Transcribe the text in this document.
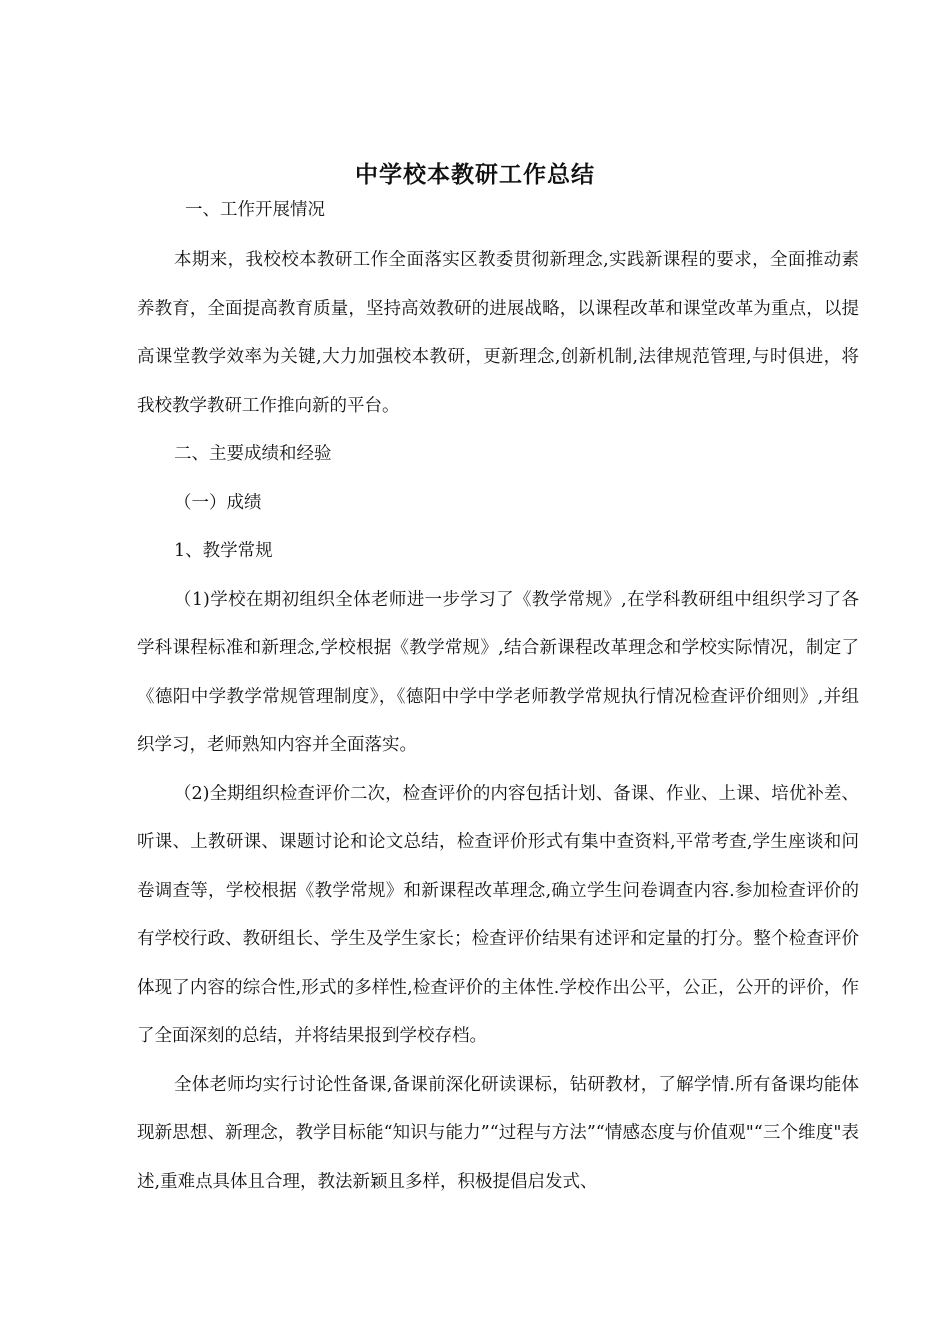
中学校本教研工作总结

一、工作开展情况

本期来，我校校本教研工作全面落实区教委贯彻新理念,实践新课程的要求，全面推动素养教育，全面提高教育质量，坚持高效教研的进展战略，以课程改革和课堂改革为重点，以提高课堂教学效率为关键,大力加强校本教研，更新理念,创新机制,法律规范管理,与时俱进，将我校教学教研工作推向新的平台。

二、主要成绩和经验

（一）成绩

1、教学常规

（1)学校在期初组织全体老师进一步学习了《教学常规》,在学科教研组中组织学习了各学科课程标准和新理念,学校根据《教学常规》,结合新课程改革理念和学校实际情况，制定了《德阳中学教学常规管理制度》，《德阳中学中学老师教学常规执行情况检查评价细则》,并组织学习，老师熟知内容并全面落实。

（2)全期组织检查评价二次，检查评价的内容包括计划、备课、作业、上课、培优补差、听课、上教研课、课题讨论和论文总结，检查评价形式有集中查资料,平常考查,学生座谈和问卷调查等，学校根据《教学常规》和新课程改革理念,确立学生问卷调查内容.参加检查评价的有学校行政、教研组长、学生及学生家长；检查评价结果有述评和定量的打分。整个检查评价体现了内容的综合性,形式的多样性,检查评价的主体性.学校作出公平，公正，公开的评价，作了全面深刻的总结，并将结果报到学校存档。

全体老师均实行讨论性备课,备课前深化研读课标，钻研教材，了解学情.所有备课均能体现新思想、新理念，教学目标能“知识与能力”“过程与方法”“情感态度与价值观"“三个维度"表述,重难点具体且合理，教法新颖且多样，积极提倡启发式、
